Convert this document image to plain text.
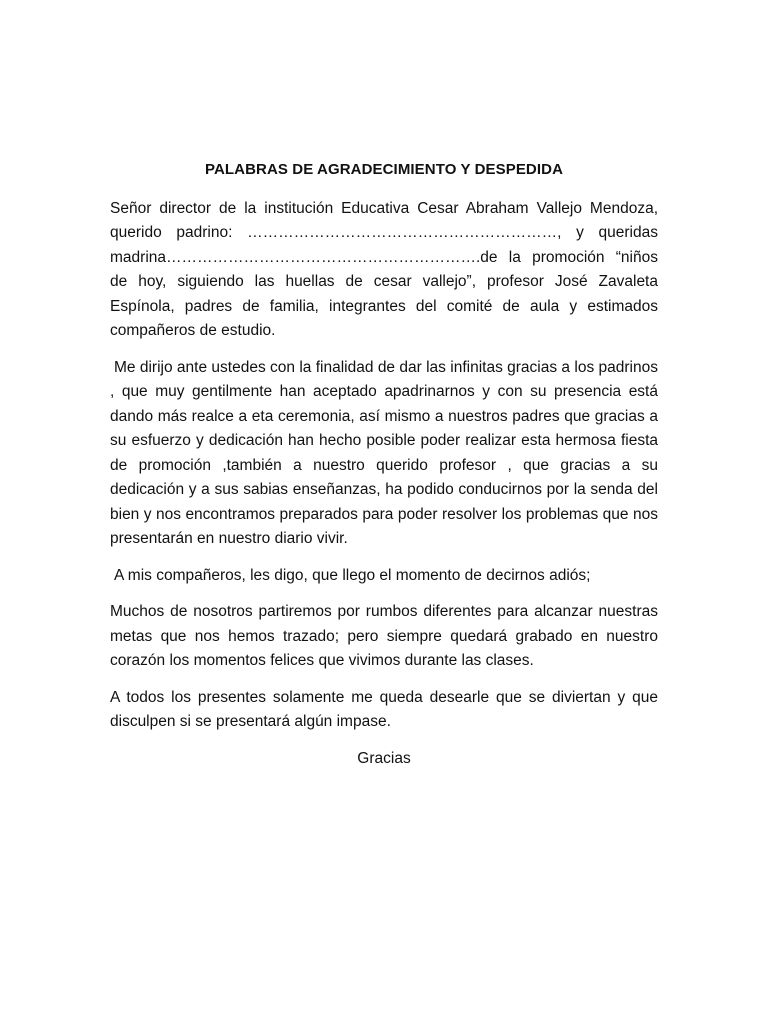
PALABRAS DE AGRADECIMIENTO Y DESPEDIDA

Señor director de la institución Educativa Cesar Abraham Vallejo Mendoza, querido padrino: ……………………………………………………, y queridas madrina…………………………………………………….de la promoción “niños de hoy, siguiendo las huellas de cesar vallejo”, profesor José Zavaleta Espínola, padres de familia, integrantes del comité de aula y estimados compañeros de estudio.

Me dirijo ante ustedes con la finalidad de dar las infinitas gracias a los padrinos , que muy gentilmente han aceptado apadrinarnos y con su presencia está dando más realce a eta ceremonia, así mismo a nuestros padres que gracias a su esfuerzo y dedicación han hecho posible poder realizar esta hermosa fiesta de promoción ,también a nuestro querido profesor , que gracias a su dedicación y a sus sabias enseñanzas, ha podido conducirnos por la senda del bien y nos encontramos preparados para poder resolver los problemas que nos presentarán en nuestro diario vivir.

A mis compañeros, les digo, que llego el momento de decirnos adiós;

Muchos de nosotros partiremos por rumbos diferentes para alcanzar nuestras metas que nos hemos trazado; pero siempre quedará grabado en nuestro corazón los momentos felices que vivimos durante las clases.

A todos los presentes solamente me queda desearle que se diviertan y que disculpen si se presentará algún impase.

Gracias
